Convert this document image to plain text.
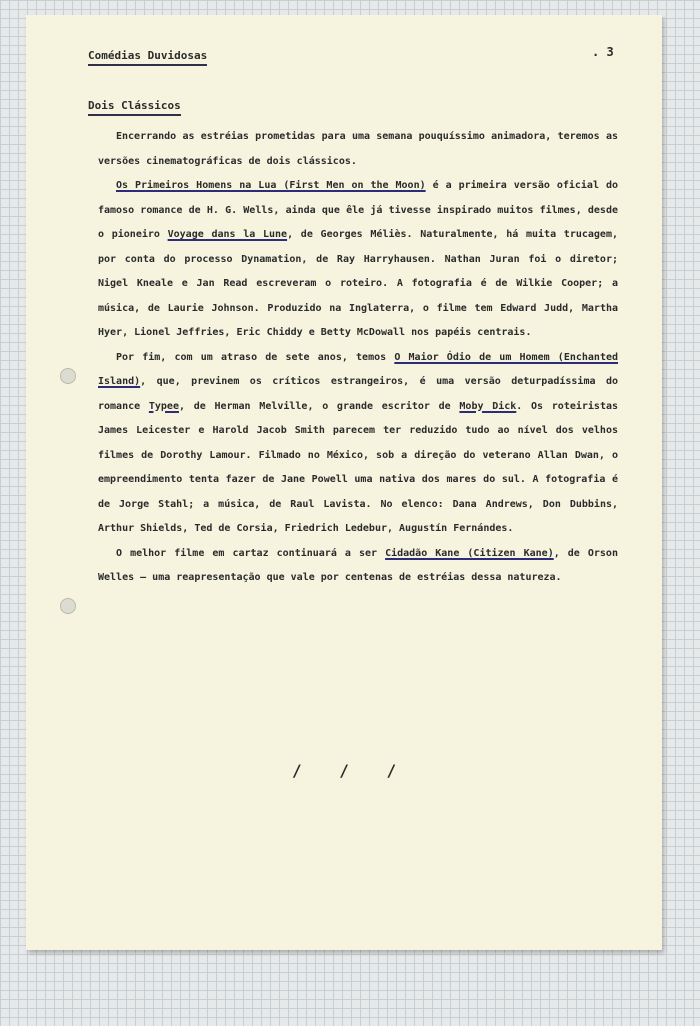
Comédias Duvidosas	. 3
Dois Clássicos

Encerrando as estréias prometidas para uma semana pouquíssimo animadora, teremos as versões cinematográficas de dois clássicos.

Os Primeiros Homens na Lua (First Men on the Moon) é a primeira versão oficial do famoso romance de H. G. Wells, ainda que êle já tivesse inspirado muitos filmes, desde o pioneiro Voyage dans la Lune, de Georges Méliès. Naturalmente, há muita trucagem, por conta do processo Dynamation, de Ray Harryhausen. Nathan Juran foi o diretor; Nigel Kneale e Jan Read escreveram o roteiro. A fotografia é de Wilkie Cooper; a música, de Laurie Johnson. Produzido na Inglaterra, o filme tem Edward Judd, Martha Hyer, Lionel Jeffries, Eric Chiddy e Betty McDowall nos papéis centrais.

Por fim, com um atraso de sete anos, temos O Maior Ódio de um Homem (Enchanted Island), que, previnem os críticos estrangeiros, é uma versão deturpadíssima do romance Typee, de Herman Melville, o grande escritor de Moby Dick. Os roteiristas James Leicester e Harold Jacob Smith parecem ter reduzido tudo ao nível dos velhos filmes de Dorothy Lamour. Filmado no México, sob a direção do veterano Allan Dwan, o empreendimento tenta fazer de Jane Powell uma nativa dos mares do sul. A fotografia é de Jorge Stahl; a música, de Raul Lavista. No elenco: Dana Andrews, Don Dubbins, Arthur Shields, Ted de Corsia, Friedrich Ledebur, Augustín Fernándes.

O melhor filme em cartaz continuará a ser Cidadão Kane (Citizen Kane), de Orson Welles — uma reapresentação que vale por centenas de estréias dessa natureza.

/ / /
